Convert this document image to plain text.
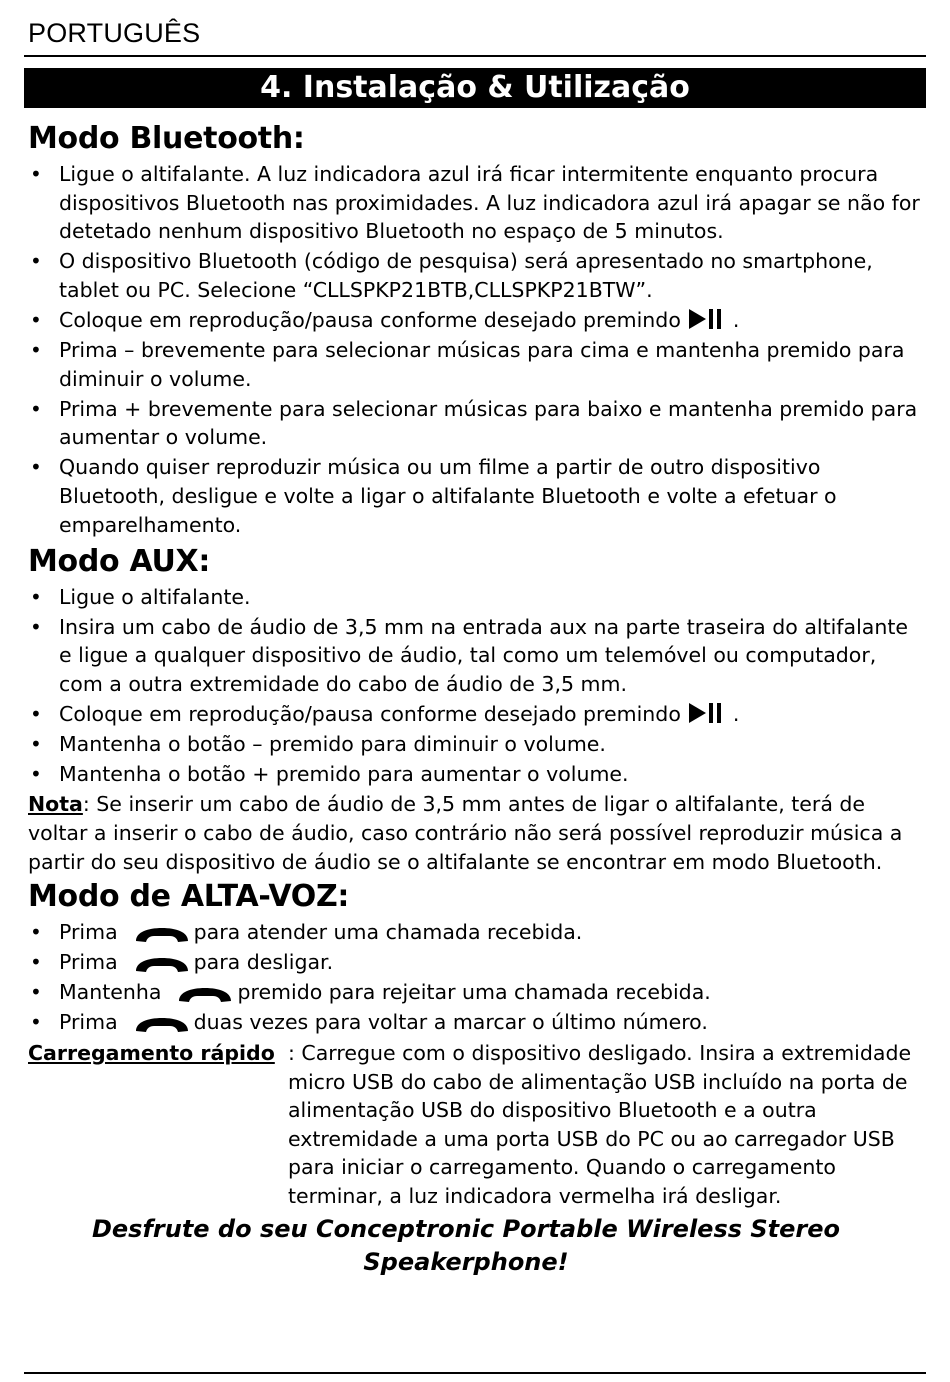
PORTUGUÊS
4. Instalação & Utilização
Modo Bluetooth:
• Ligue o altifalante. A luz indicadora azul irá ficar intermitente enquanto procura dispositivos Bluetooth nas proximidades. A luz indicadora azul irá apagar se não for detetado nenhum dispositivo Bluetooth no espaço de 5 minutos.
• O dispositivo Bluetooth (código de pesquisa) será apresentado no smartphone, tablet ou PC. Selecione “CLLSPKP21BTB,CLLSPKP21BTW”.
• Coloque em reprodução/pausa conforme desejado premindo	.
• Prima – brevemente para selecionar músicas para cima e mantenha premido para diminuir o volume.
• Prima + brevemente para selecionar músicas para baixo e mantenha premido para aumentar o volume.
• Quando quiser reproduzir música ou um filme a partir de outro dispositivo Bluetooth, desligue e volte a ligar o altifalante Bluetooth e volte a efetuar o emparelhamento.
Modo AUX:
• Ligue o altifalante.
• Insira um cabo de áudio de 3,5 mm na entrada aux na parte traseira do altifalante e ligue a qualquer dispositivo de áudio, tal como um telemóvel ou computador, com a outra extremidade do cabo de áudio de 3,5 mm.
• Coloque em reprodução/pausa conforme desejado premindo	.
• Mantenha o botão – premido para diminuir o volume.
• Mantenha o botão + premido para aumentar o volume.

Nota: Se inserir um cabo de áudio de 3,5 mm antes de ligar o altifalante, terá de voltar a inserir o cabo de áudio, caso contrário não será possível reproduzir música a partir do seu dispositivo de áudio se o altifalante se encontrar em modo Bluetooth.

Modo de ALTA-VOZ:
• Prima	para atender uma chamada recebida.
• Prima	para desligar.
• Mantenha	premido para rejeitar uma chamada recebida.
• Prima	duas vezes para voltar a marcar o último número.
Carregamento rápido : Carregue com o dispositivo desligado. Insira a extremidade micro USB do cabo de alimentação USB incluído na porta de alimentação USB do dispositivo Bluetooth e a outra extremidade a uma porta USB do PC ou ao carregador USB para iniciar o carregamento. Quando o carregamento terminar, a luz indicadora vermelha irá desligar.
Desfrute do seu Conceptronic Portable Wireless Stereo
Speakerphone!
